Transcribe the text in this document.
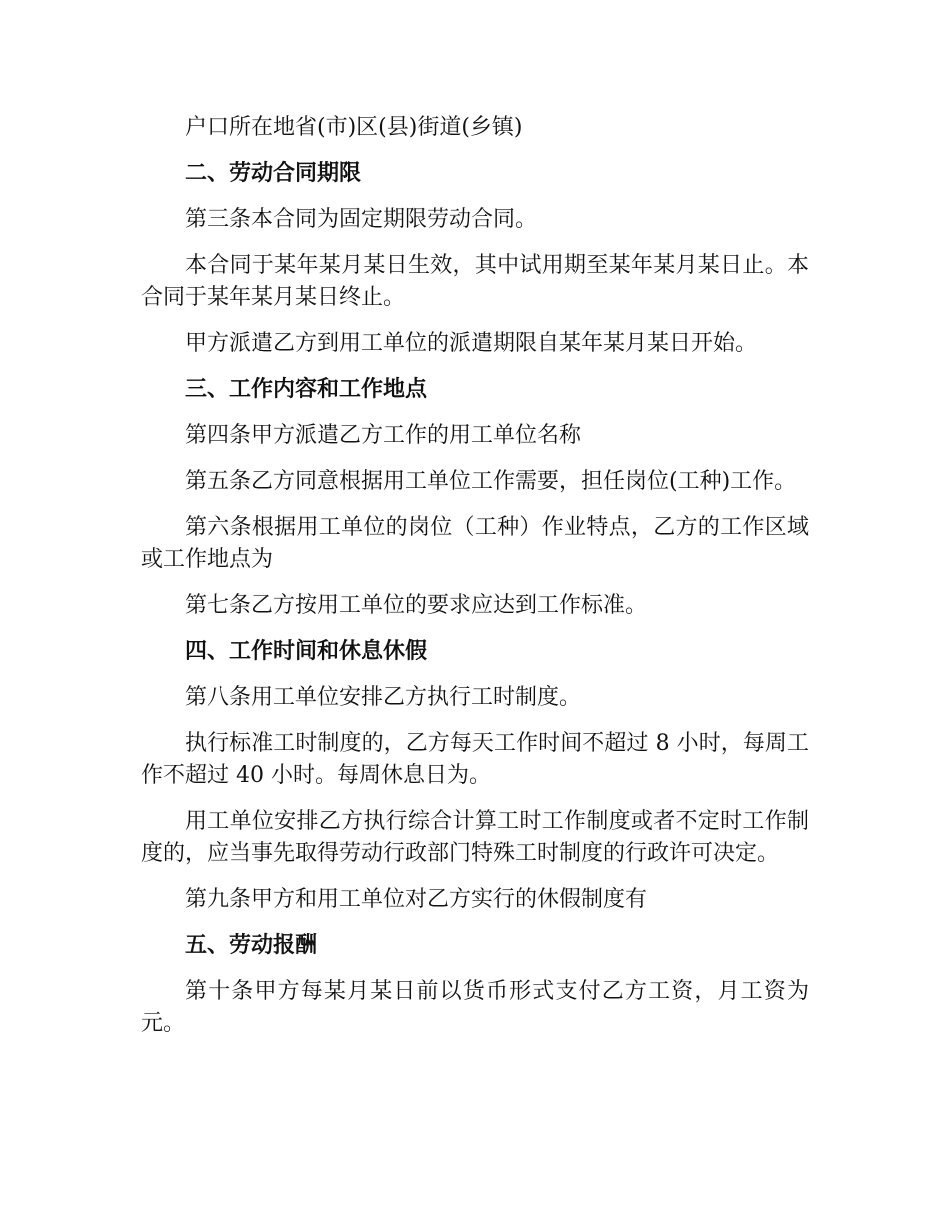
户口所在地省(市)区(县)街道(乡镇)

二、劳动合同期限

第三条本合同为固定期限劳动合同。

本合同于某年某月某日生效，其中试用期至某年某月某日止。本合同于某年某月某日终止。

甲方派遣乙方到用工单位的派遣期限自某年某月某日开始。

三、工作内容和工作地点

第四条甲方派遣乙方工作的用工单位名称

第五条乙方同意根据用工单位工作需要，担任岗位(工种)工作。

第六条根据用工单位的岗位（工种）作业特点，乙方的工作区域或工作地点为

第七条乙方按用工单位的要求应达到工作标准。

四、工作时间和休息休假

第八条用工单位安排乙方执行工时制度。

执行标准工时制度的，乙方每天工作时间不超过 8 小时，每周工作不超过 40 小时。每周休息日为。

用工单位安排乙方执行综合计算工时工作制度或者不定时工作制度的，应当事先取得劳动行政部门特殊工时制度的行政许可决定。

第九条甲方和用工单位对乙方实行的休假制度有

五、劳动报酬

第十条甲方每某月某日前以货币形式支付乙方工资，月工资为元。
